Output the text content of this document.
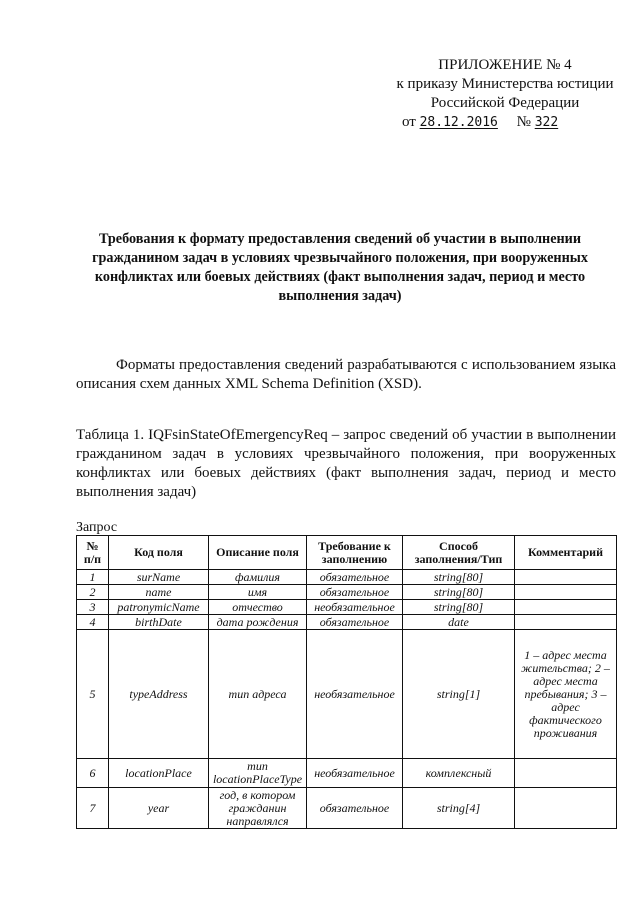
ПРИЛОЖЕНИЕ № 4
к приказу Министерства юстиции
Российской Федерации
от 28.12.2016 № 322
Требования к формату предоставления сведений об участии в выполнении гражданином задач в условиях чрезвычайного положения, при вооруженных конфликтах или боевых действиях (факт выполнения задач, период и место выполнения задач)
Форматы предоставления сведений разрабатываются с использованием языка описания схем данных XML Schema Definition (XSD).
Таблица 1. IQFsinStateOfEmergencyReq – запрос сведений об участии в выполнении гражданином задач в условиях чрезвычайного положения, при вооруженных конфликтах или боевых действиях (факт выполнения задач, период и место выполнения задач)
Запрос
№ п/п	Код поля	Описание поля	Требование к заполнению	Способ заполнения/Тип	Комментарий
1	surName	фамилия	обязательное	string[80]	
2	name	имя	обязательное	string[80]	
3	patronymicName	отчество	необязательное	string[80]	
4	birthDate	дата рождения	обязательное	date	
5	typeAddress	тип адреса	необязательное	string[1]	1 – адрес места жительства; 2 – адрес места пребывания; 3 – адрес фактического проживания
6	locationPlace	тип locationPlaceType	необязательное	комплексный	
7	year	год, в котором гражданин направлялся	обязательное	string[4]	
